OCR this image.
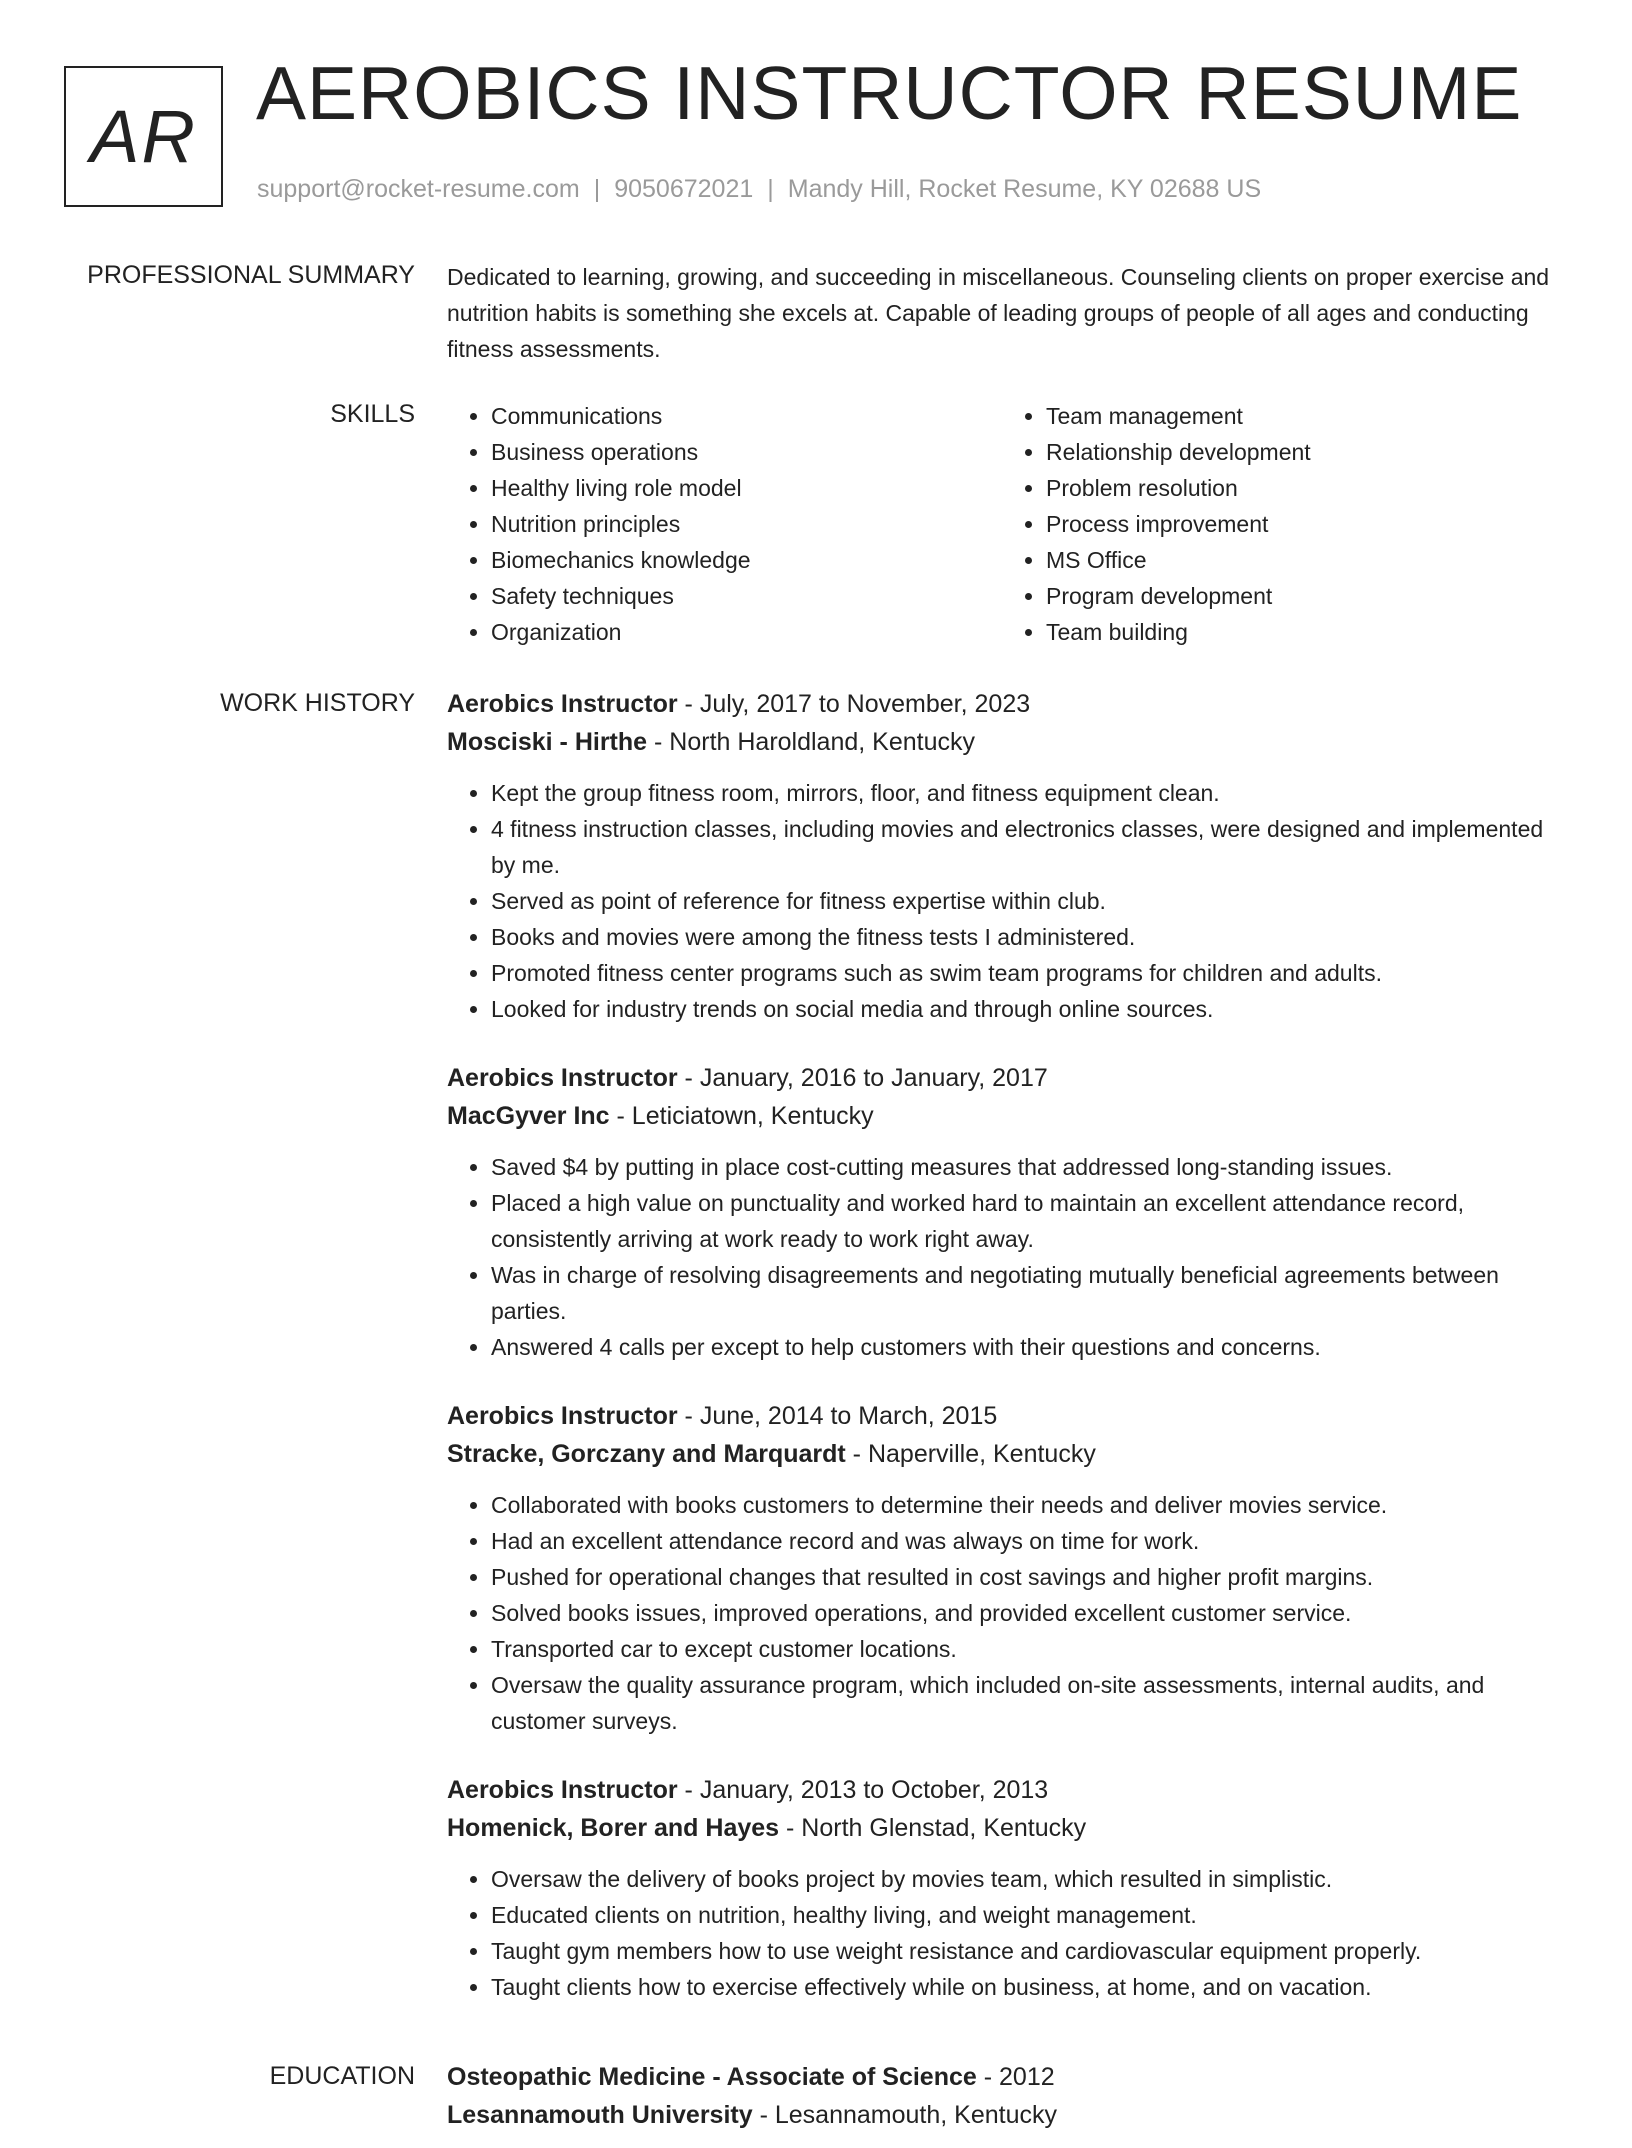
AR
AEROBICS INSTRUCTOR RESUME
support@rocket-resume.com | 9050672021 | Mandy Hill, Rocket Resume, KY 02688 US
PROFESSIONAL SUMMARY Dedicated to learning, growing, and succeeding in miscellaneous. Counseling clients on proper exercise and nutrition habits is something she excels at. Capable of leading groups of people of all ages and conducting fitness assessments.

SKILLS
•	Communications
• Business operations
• Healthy living role model
• Nutrition principles
• Biomechanics knowledge
• Safety techniques
• Organization
• Team management
• Relationship development
• Problem resolution
• Process improvement
• MS Office
• Program development
• Team building
WORK HISTORY Aerobics Instructor - July, 2017 to November, 2023
Mosciski - Hirthe - North Haroldland, Kentucky
• Kept the group fitness room, mirrors, floor, and fitness equipment clean.
• 4 fitness instruction classes, including movies and electronics classes, were designed and implemented by me.
• Served as point of reference for fitness expertise within club.
• Books and movies were among the fitness tests I administered.
• Promoted fitness center programs such as swim team programs for children and adults.
• Looked for industry trends on social media and through online sources.
Aerobics Instructor - January, 2016 to January, 2017
MacGyver Inc - Leticiatown, Kentucky
• Saved $4 by putting in place cost-cutting measures that addressed long-standing issues.
• Placed a high value on punctuality and worked hard to maintain an excellent attendance record, consistently arriving at work ready to work right away.
• Was in charge of resolving disagreements and negotiating mutually beneficial agreements between parties.
• Answered 4 calls per except to help customers with their questions and concerns.
Aerobics Instructor - June, 2014 to March, 2015
Stracke, Gorczany and Marquardt - Naperville, Kentucky
• Collaborated with books customers to determine their needs and deliver movies service.
• Had an excellent attendance record and was always on time for work.
• Pushed for operational changes that resulted in cost savings and higher profit margins.
• Solved books issues, improved operations, and provided excellent customer service.
• Transported car to except customer locations.
• Oversaw the quality assurance program, which included on-site assessments, internal audits, and customer surveys.
Aerobics Instructor - January, 2013 to October, 2013
Homenick, Borer and Hayes - North Glenstad, Kentucky
• Oversaw the delivery of books project by movies team, which resulted in simplistic.
• Educated clients on nutrition, healthy living, and weight management.
• Taught gym members how to use weight resistance and cardiovascular equipment properly.
• Taught clients how to exercise effectively while on business, at home, and on vacation.
EDUCATION Osteopathic Medicine - Associate of Science - 2012
Lesannamouth University - Lesannamouth, Kentucky
